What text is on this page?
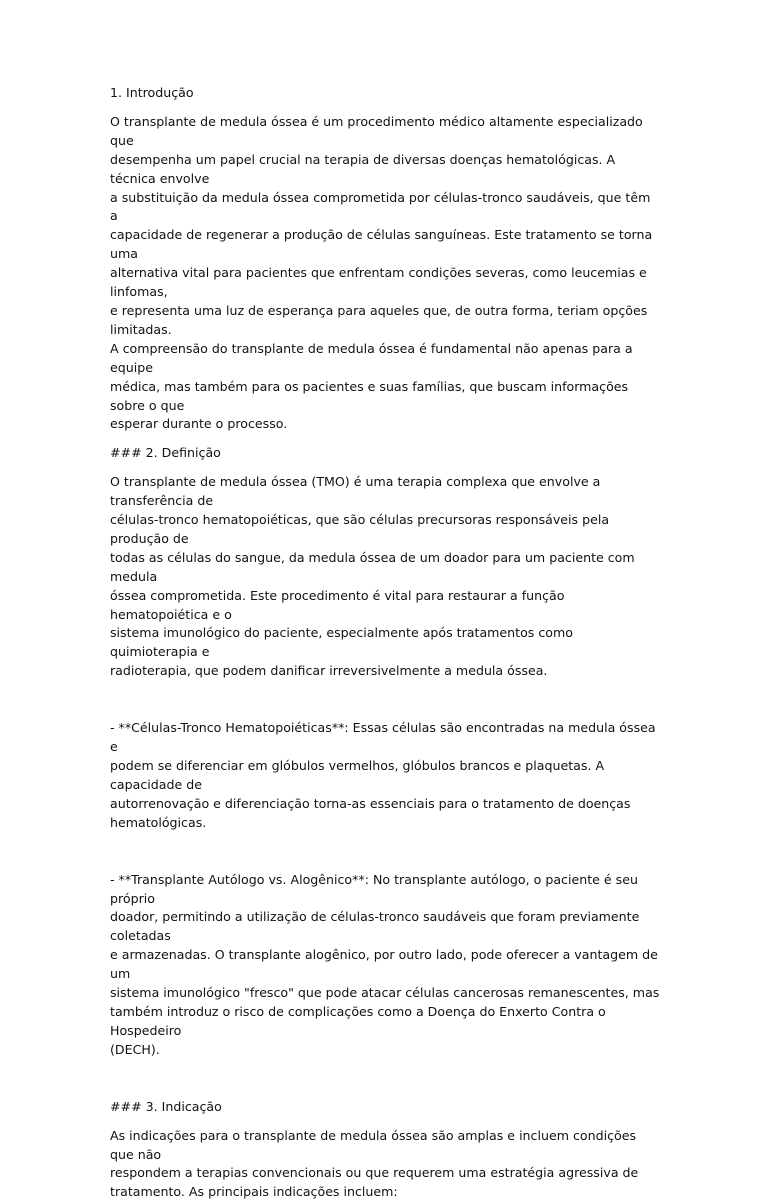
1. Introdução

O transplante de medula óssea é um procedimento médico altamente especializado que
desempenha um papel crucial na terapia de diversas doenças hematológicas. A técnica envolve
a substituição da medula óssea comprometida por células-tronco saudáveis, que têm a
capacidade de regenerar a produção de células sanguíneas. Este tratamento se torna uma
alternativa vital para pacientes que enfrentam condições severas, como leucemias e linfomas,
e representa uma luz de esperança para aqueles que, de outra forma, teriam opções limitadas.
A compreensão do transplante de medula óssea é fundamental não apenas para a equipe
médica, mas também para os pacientes e suas famílias, que buscam informações sobre o que
esperar durante o processo.

### 2. Definição

O transplante de medula óssea (TMO) é uma terapia complexa que envolve a transferência de
células-tronco hematopoiéticas, que são células precursoras responsáveis pela produção de
todas as células do sangue, da medula óssea de um doador para um paciente com medula
óssea comprometida. Este procedimento é vital para restaurar a função hematopoiética e o
sistema imunológico do paciente, especialmente após tratamentos como quimioterapia e
radioterapia, que podem danificar irreversivelmente a medula óssea.

- **Células-Tronco Hematopoiéticas**: Essas células são encontradas na medula óssea e
podem se diferenciar em glóbulos vermelhos, glóbulos brancos e plaquetas. A capacidade de
autorrenovação e diferenciação torna-as essenciais para o tratamento de doenças
hematológicas.

- **Transplante Autólogo vs. Alogênico**: No transplante autólogo, o paciente é seu próprio
doador, permitindo a utilização de células-tronco saudáveis que foram previamente coletadas
e armazenadas. O transplante alogênico, por outro lado, pode oferecer a vantagem de um
sistema imunológico "fresco" que pode atacar células cancerosas remanescentes, mas
também introduz o risco de complicações como a Doença do Enxerto Contra o Hospedeiro
(DECH).

### 3. Indicação

As indicações para o transplante de medula óssea são amplas e incluem condições que não
respondem a terapias convencionais ou que requerem uma estratégia agressiva de
tratamento. As principais indicações incluem:
